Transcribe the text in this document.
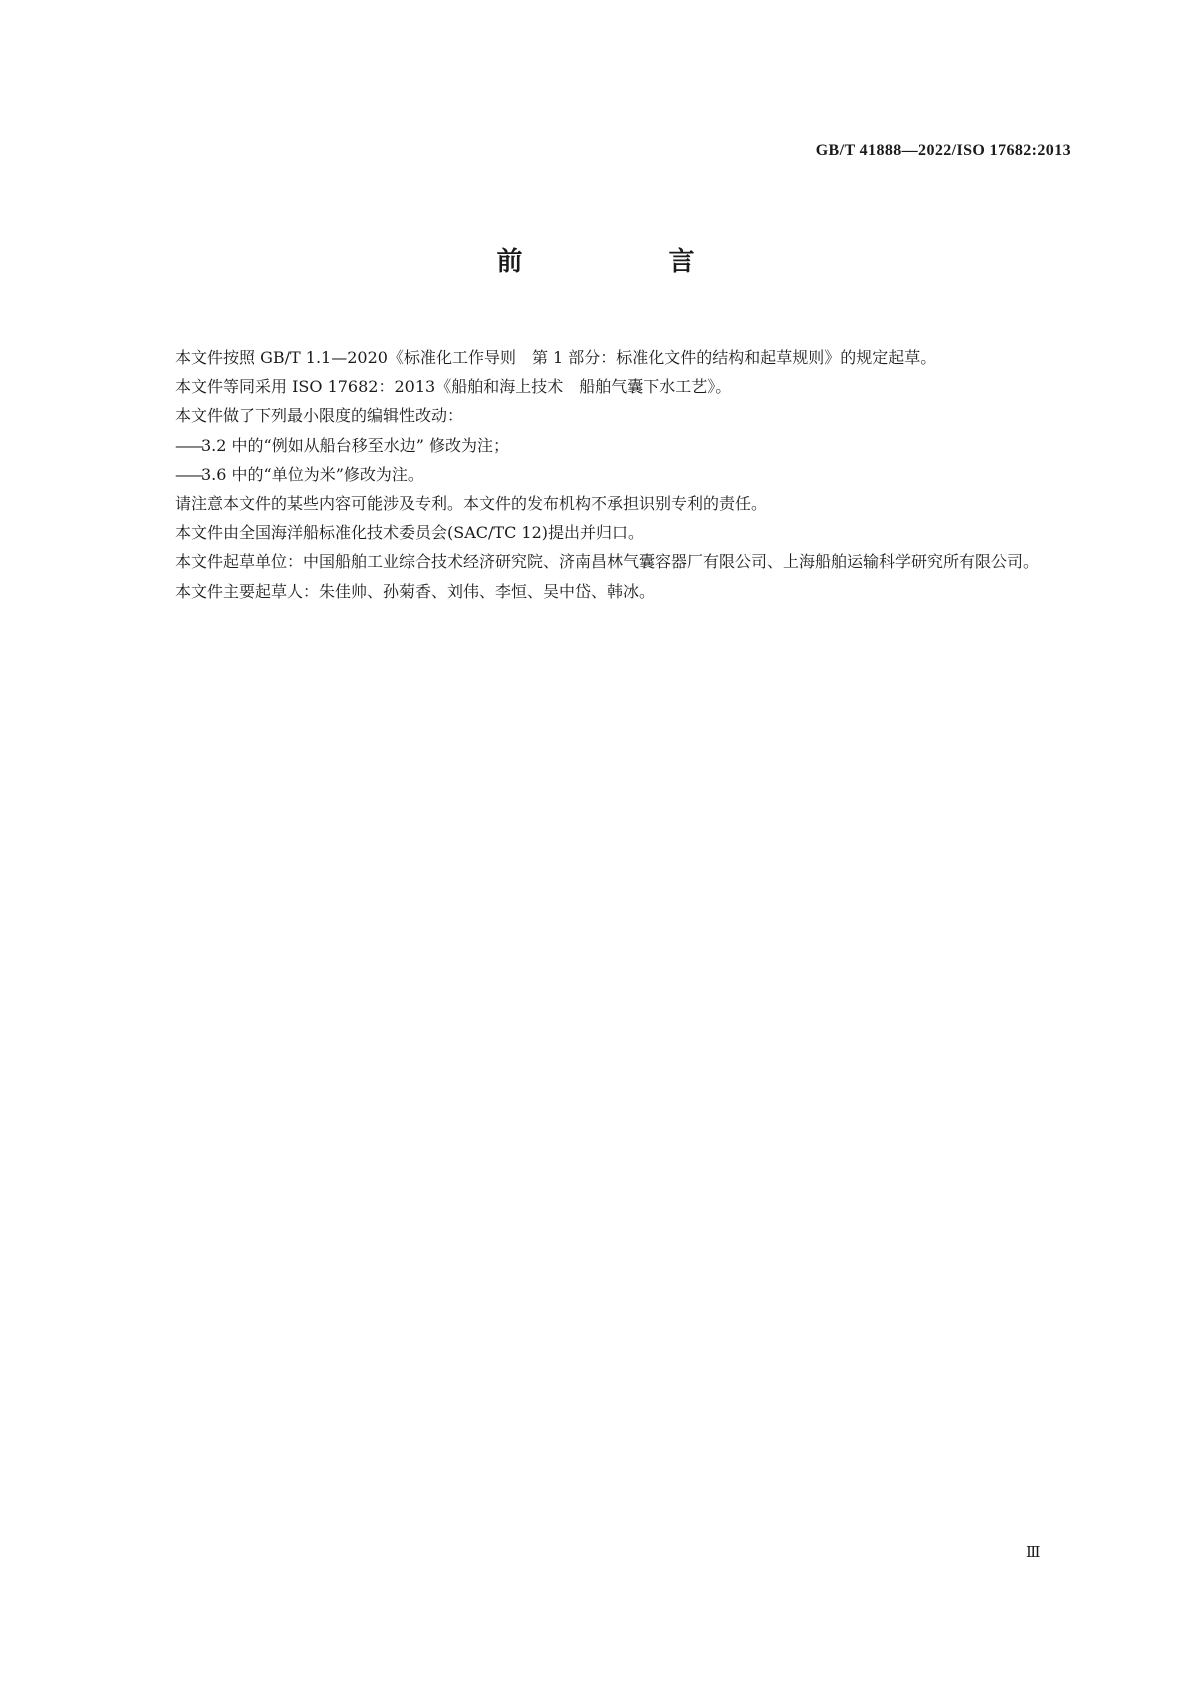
GB/T 41888—2022/ISO 17682:2013
前　言

本文件按照 GB/T 1.1—2020《标准化工作导则　第 1 部分：标准化文件的结构和起草规则》的规定起草。

本文件等同采用 ISO 17682：2013《船舶和海上技术　船舶气囊下水工艺》。

本文件做了下列最小限度的编辑性改动：

——3.2 中的“例如从船台移至水边” 修改为注；

——3.6 中的“单位为米”修改为注。

请注意本文件的某些内容可能涉及专利。本文件的发布机构不承担识别专利的责任。

本文件由全国海洋船标准化技术委员会(SAC/TC 12)提出并归口。

本文件起草单位：中国船舶工业综合技术经济研究院、济南昌林气囊容器厂有限公司、上海船舶运输科学研究所有限公司。

本文件主要起草人：朱佳帅、孙菊香、刘伟、李恒、吴中岱、韩冰。

Ⅲ
